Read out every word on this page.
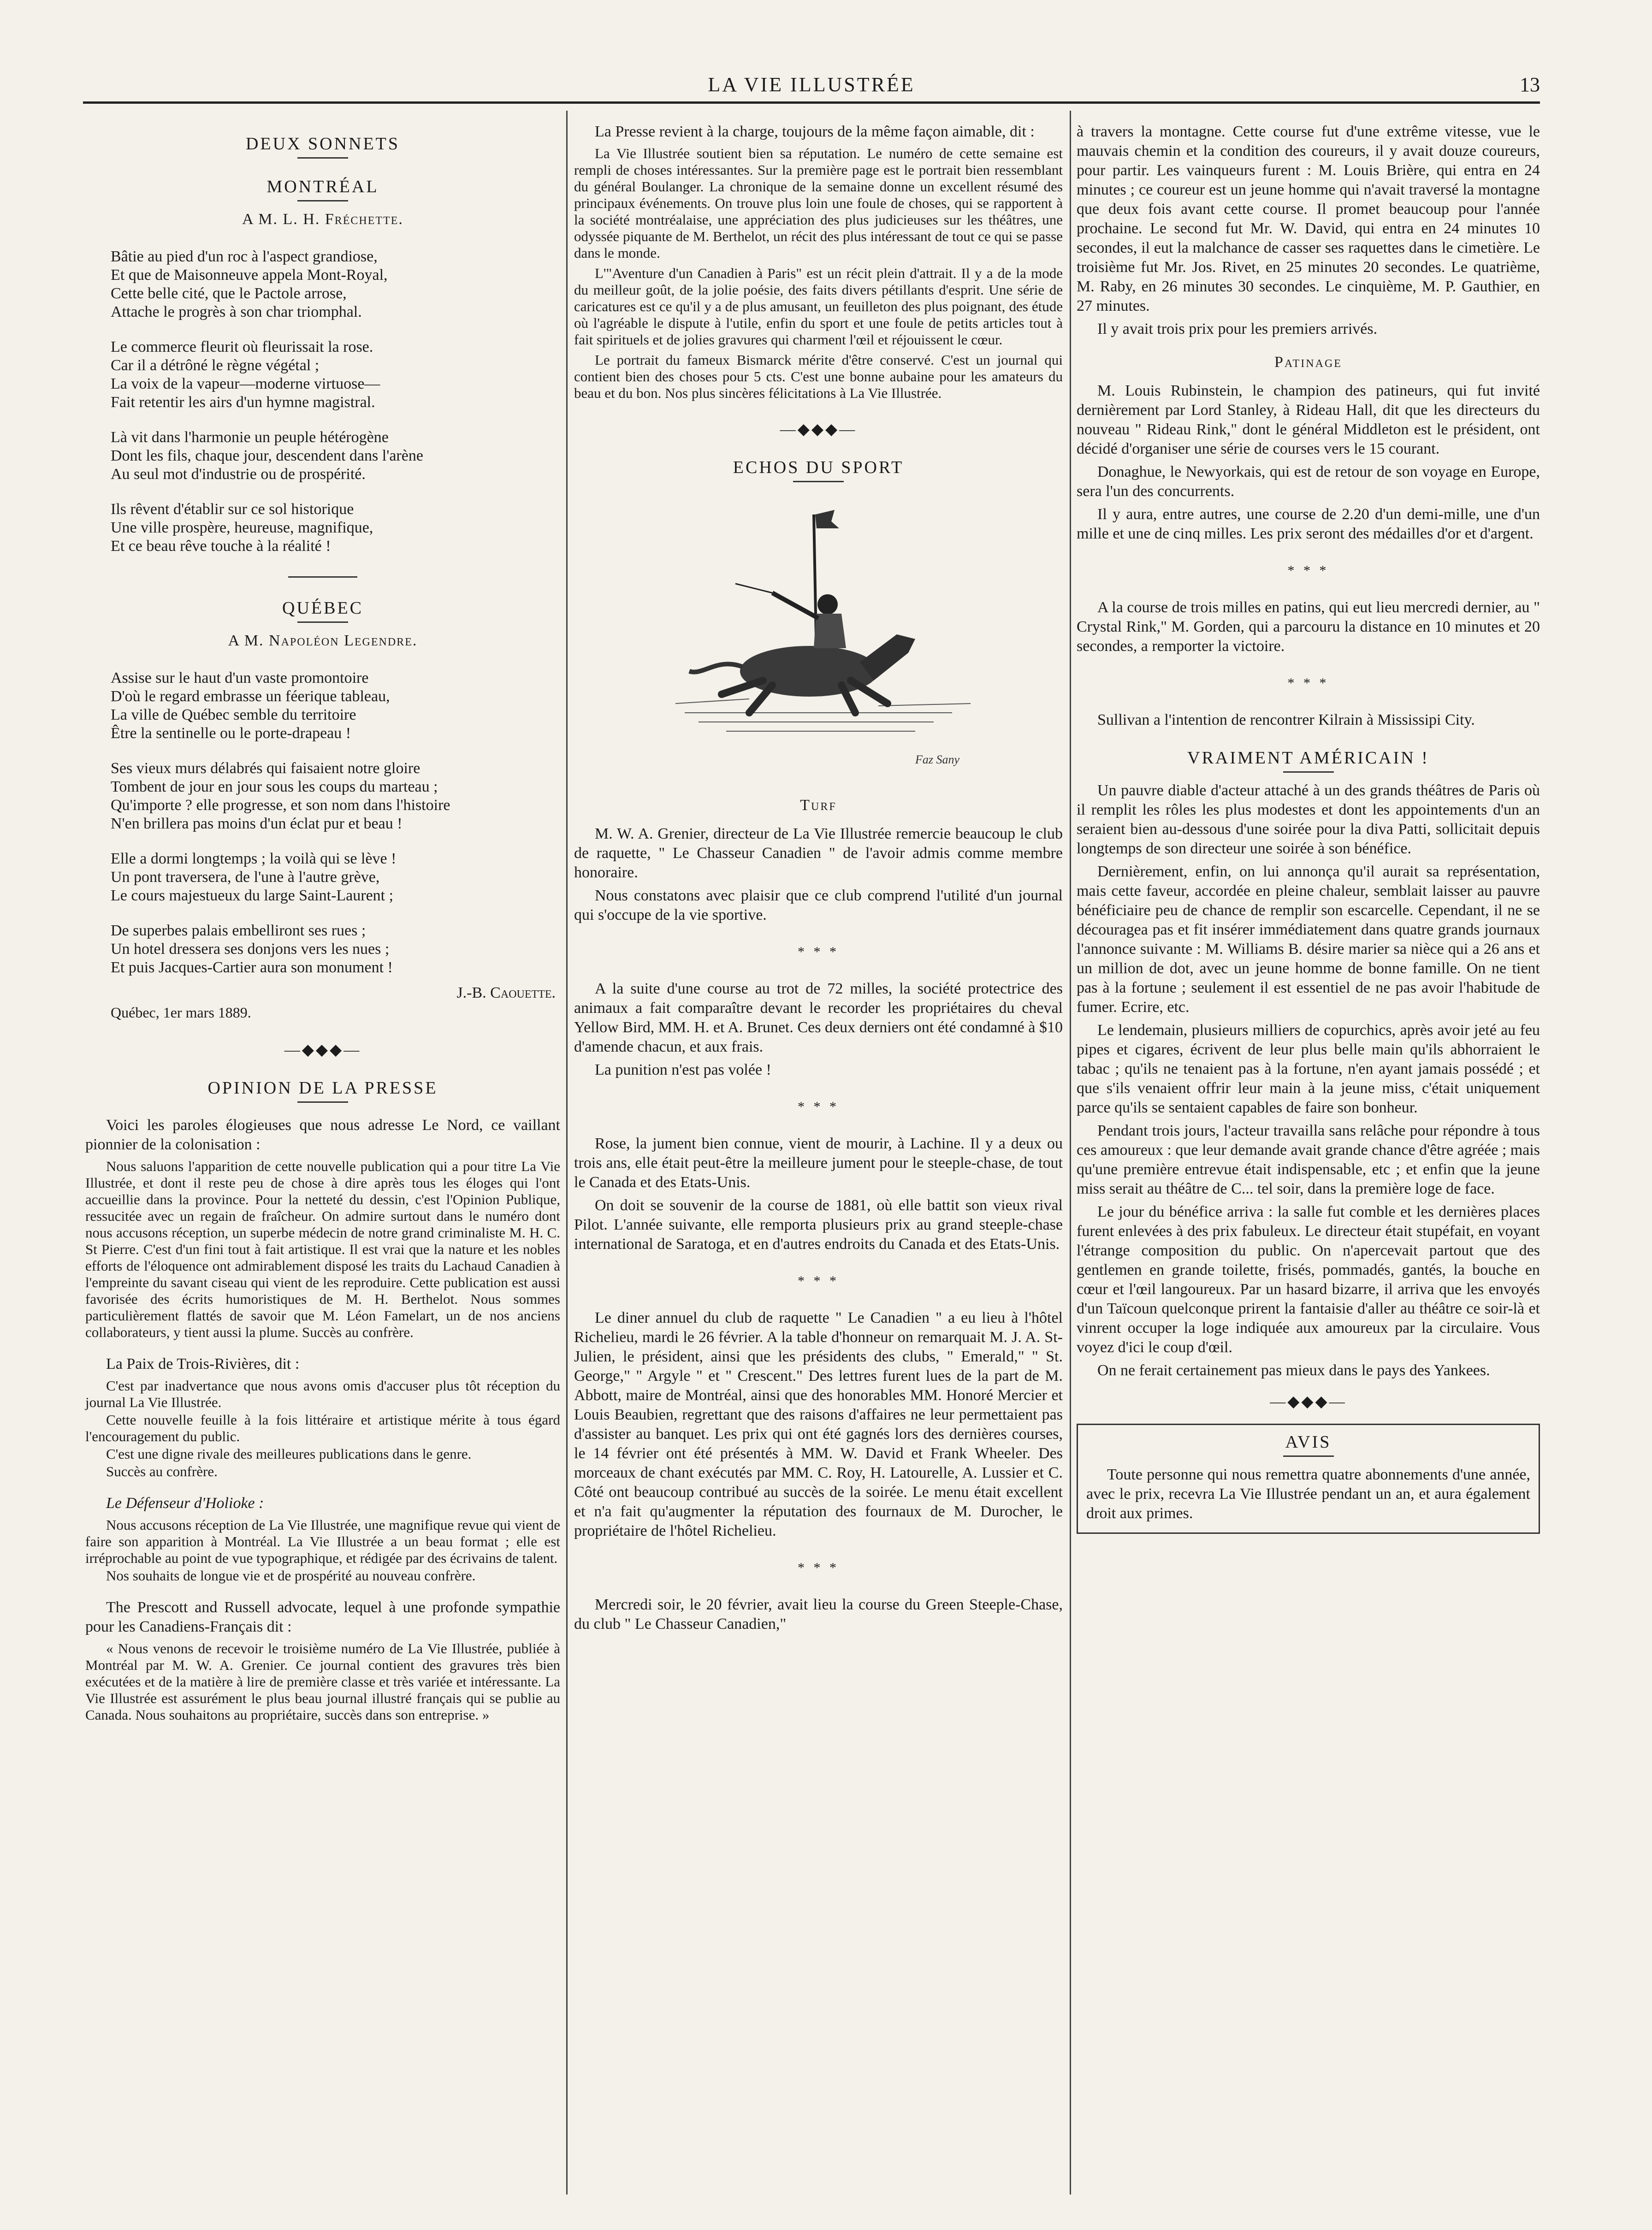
LA VIE ILLUSTRÉE	13
DEUX SONNETS
MONTRÉAL

A M. L. H. Fréchette.

Bâtie au pied d'un roc à l'aspect grandiose,
Et que de Maisonneuve appela Mont-Royal,
Cette belle cité, que le Pactole arrose,
Attache le progrès à son char triomphal.

Le commerce fleurit où fleurissait la rose.
Car il a détrôné le règne végétal ;
La voix de la vapeur—moderne virtuose—
Fait retentir les airs d'un hymne magistral.

Là vit dans l'harmonie un peuple hétérogène
Dont les fils, chaque jour, descendent dans l'arène
Au seul mot d'industrie ou de prospérité.

Ils rêvent d'établir sur ce sol historique
Une ville prospère, heureuse, magnifique,
Et ce beau rêve touche à la réalité !

QUÉBEC

A M. Napoléon Legendre.

Assise sur le haut d'un vaste promontoire
D'où le regard embrasse un féerique tableau,
La ville de Québec semble du territoire
Être la sentinelle ou le porte-drapeau !

Ses vieux murs délabrés qui faisaient notre gloire
Tombent de jour en jour sous les coups du marteau ;
Qu'importe ? elle progresse, et son nom dans l'histoire
N'en brillera pas moins d'un éclat pur et beau !

Elle a dormi longtemps ; la voilà qui se lève !
Un pont traversera, de l'une à l'autre grève,
Le cours majestueux du large Saint-Laurent ;

De superbes palais embelliront ses rues ;
Un hotel dressera ses donjons vers les nues ;
Et puis Jacques-Cartier aura son monument !

J.-B. Caouette.

Québec, 1er mars 1889.

—◆◆◆—
OPINION DE LA PRESSE

Voici les paroles élogieuses que nous adresse Le Nord, ce vaillant pionnier de la colonisation :

Nous saluons l'apparition de cette nouvelle publication qui a pour titre La Vie Illustrée, et dont il reste peu de chose à dire après tous les éloges qui l'ont accueillie dans la province. Pour la netteté du dessin, c'est l'Opinion Publique, ressucitée avec un regain de fraîcheur. On admire surtout dans le numéro dont nous accusons réception, un superbe médecin de notre grand criminaliste M. H. C. St Pierre. C'est d'un fini tout à fait artistique. Il est vrai que la nature et les nobles efforts de l'éloquence ont admirablement disposé les traits du Lachaud Canadien à l'empreinte du savant ciseau qui vient de les reproduire. Cette publication est aussi favorisée des écrits humoristiques de M. H. Berthelot. Nous sommes particulièrement flattés de savoir que M. Léon Famelart, un de nos anciens collaborateurs, y tient aussi la plume. Succès au confrère.

La Paix de Trois-Rivières, dit :

C'est par inadvertance que nous avons omis d'accuser plus tôt réception du journal La Vie Illustrée.

Cette nouvelle feuille à la fois littéraire et artistique mérite à tous égard l'encouragement du public.

C'est une digne rivale des meilleures publications dans le genre.

Succès au confrère.

Le Défenseur d'Holioke :

Nous accusons réception de La Vie Illustrée, une magnifique revue qui vient de faire son apparition à Montréal. La Vie Illustrée a un beau format ; elle est irréprochable au point de vue typographique, et rédigée par des écrivains de talent.

Nos souhaits de longue vie et de prospérité au nouveau confrère.

The Prescott and Russell advocate, lequel à une profonde sympathie pour les Canadiens-Français dit :

« Nous venons de recevoir le troisième numéro de La Vie Illustrée, publiée à Montréal par M. W. A. Grenier. Ce journal contient des gravures très bien exécutées et de la matière à lire de première classe et très variée et intéressante. La Vie Illustrée est assurément le plus beau journal illustré français qui se publie au Canada. Nous souhaitons au propriétaire, succès dans son entreprise. »

La Presse revient à la charge, toujours de la même façon aimable, dit :

La Vie Illustrée soutient bien sa réputation. Le numéro de cette semaine est rempli de choses intéressantes. Sur la première page est le portrait bien ressemblant du général Boulanger. La chronique de la semaine donne un excellent résumé des principaux événements. On trouve plus loin une foule de choses, qui se rapportent à la société montréalaise, une appréciation des plus judicieuses sur les théâtres, une odyssée piquante de M. Berthelot, un récit des plus intéressant de tout ce qui se passe dans le monde.

L'"Aventure d'un Canadien à Paris" est un récit plein d'attrait. Il y a de la mode du meilleur goût, de la jolie poésie, des faits divers pétillants d'esprit. Une série de caricatures est ce qu'il y a de plus amusant, un feuilleton des plus poignant, des étude où l'agréable le dispute à l'utile, enfin du sport et une foule de petits articles tout à fait spirituels et de jolies gravures qui charment l'œil et réjouissent le cœur.

Le portrait du fameux Bismarck mérite d'être conservé. C'est un journal qui contient bien des choses pour 5 cts. C'est une bonne aubaine pour les amateurs du beau et du bon. Nos plus sincères félicitations à La Vie Illustrée.

—◆◆◆—
ECHOS DU SPORT
Faz Sany
Turf

M. W. A. Grenier, directeur de La Vie Illustrée remercie beaucoup le club de raquette, " Le Chasseur Canadien " de l'avoir admis comme membre honoraire.

Nous constatons avec plaisir que ce club comprend l'utilité d'un journal qui s'occupe de la vie sportive.

* * *

A la suite d'une course au trot de 72 milles, la société protectrice des animaux a fait comparaître devant le recorder les propriétaires du cheval Yellow Bird, MM. H. et A. Brunet. Ces deux derniers ont été condamné à $10 d'amende chacun, et aux frais.

La punition n'est pas volée !

* * *

Rose, la jument bien connue, vient de mourir, à Lachine. Il y a deux ou trois ans, elle était peut-être la meilleure jument pour le steeple-chase, de tout le Canada et des Etats-Unis.

On doit se souvenir de la course de 1881, où elle battit son vieux rival Pilot. L'année suivante, elle remporta plusieurs prix au grand steeple-chase international de Saratoga, et en d'autres endroits du Canada et des Etats-Unis.

* * *

Le diner annuel du club de raquette " Le Canadien " a eu lieu à l'hôtel Richelieu, mardi le 26 février. A la table d'honneur on remarquait M. J. A. St-Julien, le président, ainsi que les présidents des clubs, " Emerald," " St. George," " Argyle " et " Crescent." Des lettres furent lues de la part de M. Abbott, maire de Montréal, ainsi que des honorables MM. Honoré Mercier et Louis Beaubien, regrettant que des raisons d'affaires ne leur permettaient pas d'assister au banquet. Les prix qui ont été gagnés lors des dernières courses, le 14 février ont été présentés à MM. W. David et Frank Wheeler. Des morceaux de chant exécutés par MM. C. Roy, H. Latourelle, A. Lussier et C. Côté ont beaucoup contribué au succès de la soirée. Le menu était excellent et n'a fait qu'augmenter la réputation des fournaux de M. Durocher, le propriétaire de l'hôtel Richelieu.

* * *

Mercredi soir, le 20 février, avait lieu la course du Green Steeple-Chase, du club " Le Chasseur Canadien,"

à travers la montagne. Cette course fut d'une extrême vitesse, vue le mauvais chemin et la condition des coureurs, il y avait douze coureurs, pour partir. Les vainqueurs furent : M. Louis Brière, qui entra en 24 minutes ; ce coureur est un jeune homme qui n'avait traversé la montagne que deux fois avant cette course. Il promet beaucoup pour l'année prochaine. Le second fut Mr. W. David, qui entra en 24 minutes 10 secondes, il eut la malchance de casser ses raquettes dans le cimetière. Le troisième fut Mr. Jos. Rivet, en 25 minutes 20 secondes. Le quatrième, M. Raby, en 26 minutes 30 secondes. Le cinquième, M. P. Gauthier, en 27 minutes.

Il y avait trois prix pour les premiers arrivés.

Patinage

M. Louis Rubinstein, le champion des patineurs, qui fut invité dernièrement par Lord Stanley, à Rideau Hall, dit que les directeurs du nouveau " Rideau Rink," dont le général Middleton est le président, ont décidé d'organiser une série de courses vers le 15 courant.

Donaghue, le Newyorkais, qui est de retour de son voyage en Europe, sera l'un des concurrents.

Il y aura, entre autres, une course de 2.20 d'un demi-mille, une d'un mille et une de cinq milles. Les prix seront des médailles d'or et d'argent.

* * *

A la course de trois milles en patins, qui eut lieu mercredi dernier, au " Crystal Rink," M. Gorden, qui a parcouru la distance en 10 minutes et 20 secondes, a remporter la victoire.

* * *

Sullivan a l'intention de rencontrer Kilrain à Mississipi City.

VRAIMENT AMÉRICAIN !

Un pauvre diable d'acteur attaché à un des grands théâtres de Paris où il remplit les rôles les plus modestes et dont les appointements d'un an seraient bien au-dessous d'une soirée pour la diva Patti, sollicitait depuis longtemps de son directeur une soirée à son bénéfice.

Dernièrement, enfin, on lui annonça qu'il aurait sa représentation, mais cette faveur, accordée en pleine chaleur, semblait laisser au pauvre bénéficiaire peu de chance de remplir son escarcelle. Cependant, il ne se découragea pas et fit insérer immédiatement dans quatre grands journaux l'annonce suivante : M. Williams B. désire marier sa nièce qui a 26 ans et un million de dot, avec un jeune homme de bonne famille. On ne tient pas à la fortune ; seulement il est essentiel de ne pas avoir l'habitude de fumer. Ecrire, etc.

Le lendemain, plusieurs milliers de copurchics, après avoir jeté au feu pipes et cigares, écrivent de leur plus belle main qu'ils abhorraient le tabac ; qu'ils ne tenaient pas à la fortune, n'en ayant jamais possédé ; et que s'ils venaient offrir leur main à la jeune miss, c'était uniquement parce qu'ils se sentaient capables de faire son bonheur.

Pendant trois jours, l'acteur travailla sans relâche pour répondre à tous ces amoureux : que leur demande avait grande chance d'être agréée ; mais qu'une première entrevue était indispensable, etc ; et enfin que la jeune miss serait au théâtre de C... tel soir, dans la première loge de face.

Le jour du bénéfice arriva : la salle fut comble et les dernières places furent enlevées à des prix fabuleux. Le directeur était stupéfait, en voyant l'étrange composition du public. On n'apercevait partout que des gentlemen en grande toilette, frisés, pommadés, gantés, la bouche en cœur et l'œil langoureux. Par un hasard bizarre, il arriva que les envoyés d'un Taïcoun quelconque prirent la fantaisie d'aller au théâtre ce soir-là et vinrent occuper la loge indiquée aux amoureux par la circulaire. Vous voyez d'ici le coup d'œil.

On ne ferait certainement pas mieux dans le pays des Yankees.

—◆◆◆—
AVIS

Toute personne qui nous remettra quatre abonnements d'une année, avec le prix, recevra La Vie Illustrée pendant un an, et aura également droit aux primes.
